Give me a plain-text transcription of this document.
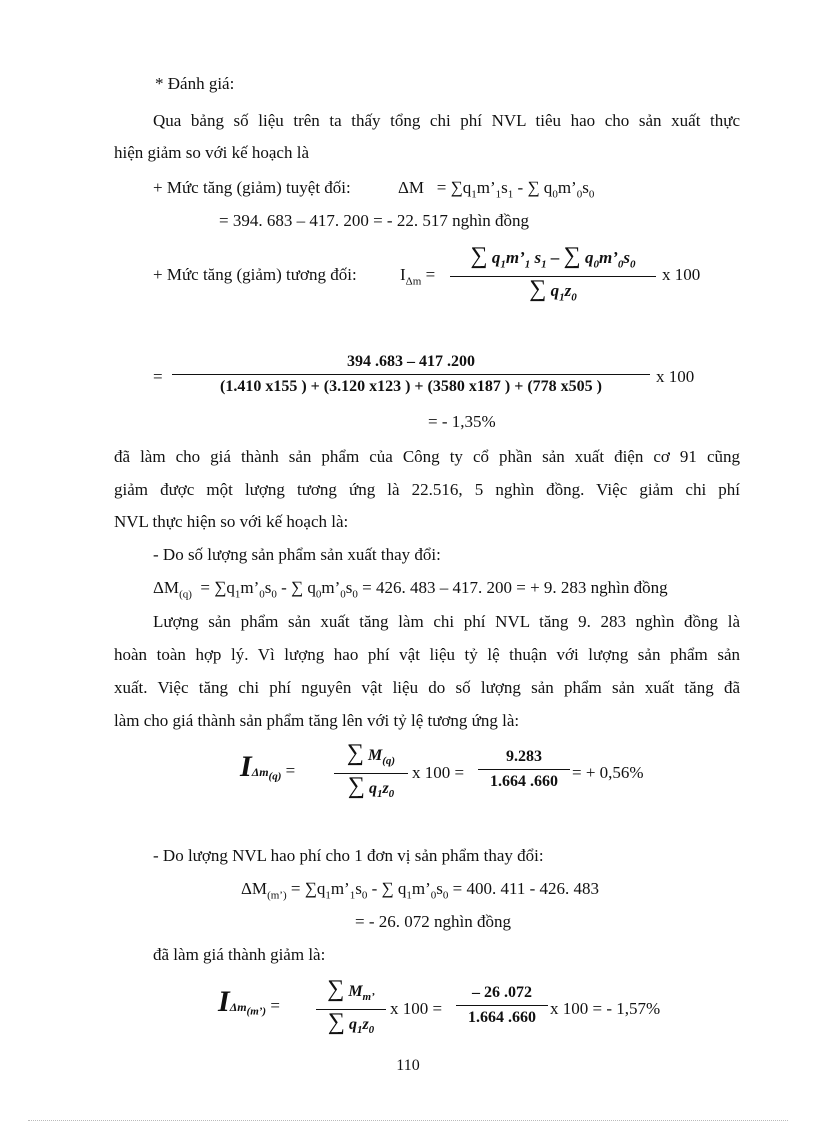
* Đánh giá:
Qua bảng số liệu trên ta thấy tổng chi phí NVL tiêu hao cho sản xuất thực
hiện giảm so với kế hoạch là
+ Mức tăng (giảm) tuyệt đối:	$\Delta M = \sum q_1m’_1s_1$ - ∑ $q_0m’_0s_0$
= 394. 683 – 417. 200 = - 22. 517 nghìn đồng
+ Mức tăng (giảm) tương đối:	$I_{\Delta m}$ =
∑ $q_1m’_1$ $s_1$ – ∑ $q_0m’_0s_0$
∑ $q_1z_0$
x 100
=
394 .683 – 417 .200
(1.410 x155 ) + (3.120 x123 ) + (3580 x187 ) + (778 x505 )
x 100
= - 1,35%
đã làm cho giá thành sản phẩm của Công ty cổ phần sản xuất điện cơ 91 cũng
giảm được một lượng tương ứng là 22.516, 5 nghìn đồng. Việc giảm chi phí
NVL thực hiện so với kế hoạch là:
- Do số lượng sản phẩm sản xuất thay đổi:
$\Delta M_{(q)}$  = $\sum q_1m’_0s_0$ - ∑ $q_0m’_0s_0 = 426$. 483 – 417. 200 = + 9. 283 nghìn đồng
Lượng sản phẩm sản xuất tăng làm chi phí NVL tăng 9. 283 nghìn đồng là
hoàn toàn hợp lý. Vì lượng hao phí vật liệu tỷ lệ thuận với lượng sản phẩm sản
xuất. Việc tăng chi phí nguyên vật liệu do số lượng sản phẩm sản xuất tăng đã
làm cho giá thành sản phẩm tăng lên với tỷ lệ tương ứng là:
IΔm$_{(q)}$ =
∑ $M_{(q)}$
∑ $q_1z_0$
x 100 =
9.283
1.664 .660 = + 0,56%
- Do lượng NVL hao phí cho 1 đơn vị sản phẩm thay đổi:
$\Delta M_{(m’)}$ = $\sum q_1m’_1s_0$ - ∑ $q_1m’_0s_0 = 400$. 411 - 426. 483
= - 26. 072 nghìn đồng
đã làm giá thành giảm là:
IΔm$_{(m’)}$ =
∑ $M_{m’}$
∑ $q_1z_0$
x 100 =
– 26 .072
1.664 .660 x 100 = - 1,57%
110
